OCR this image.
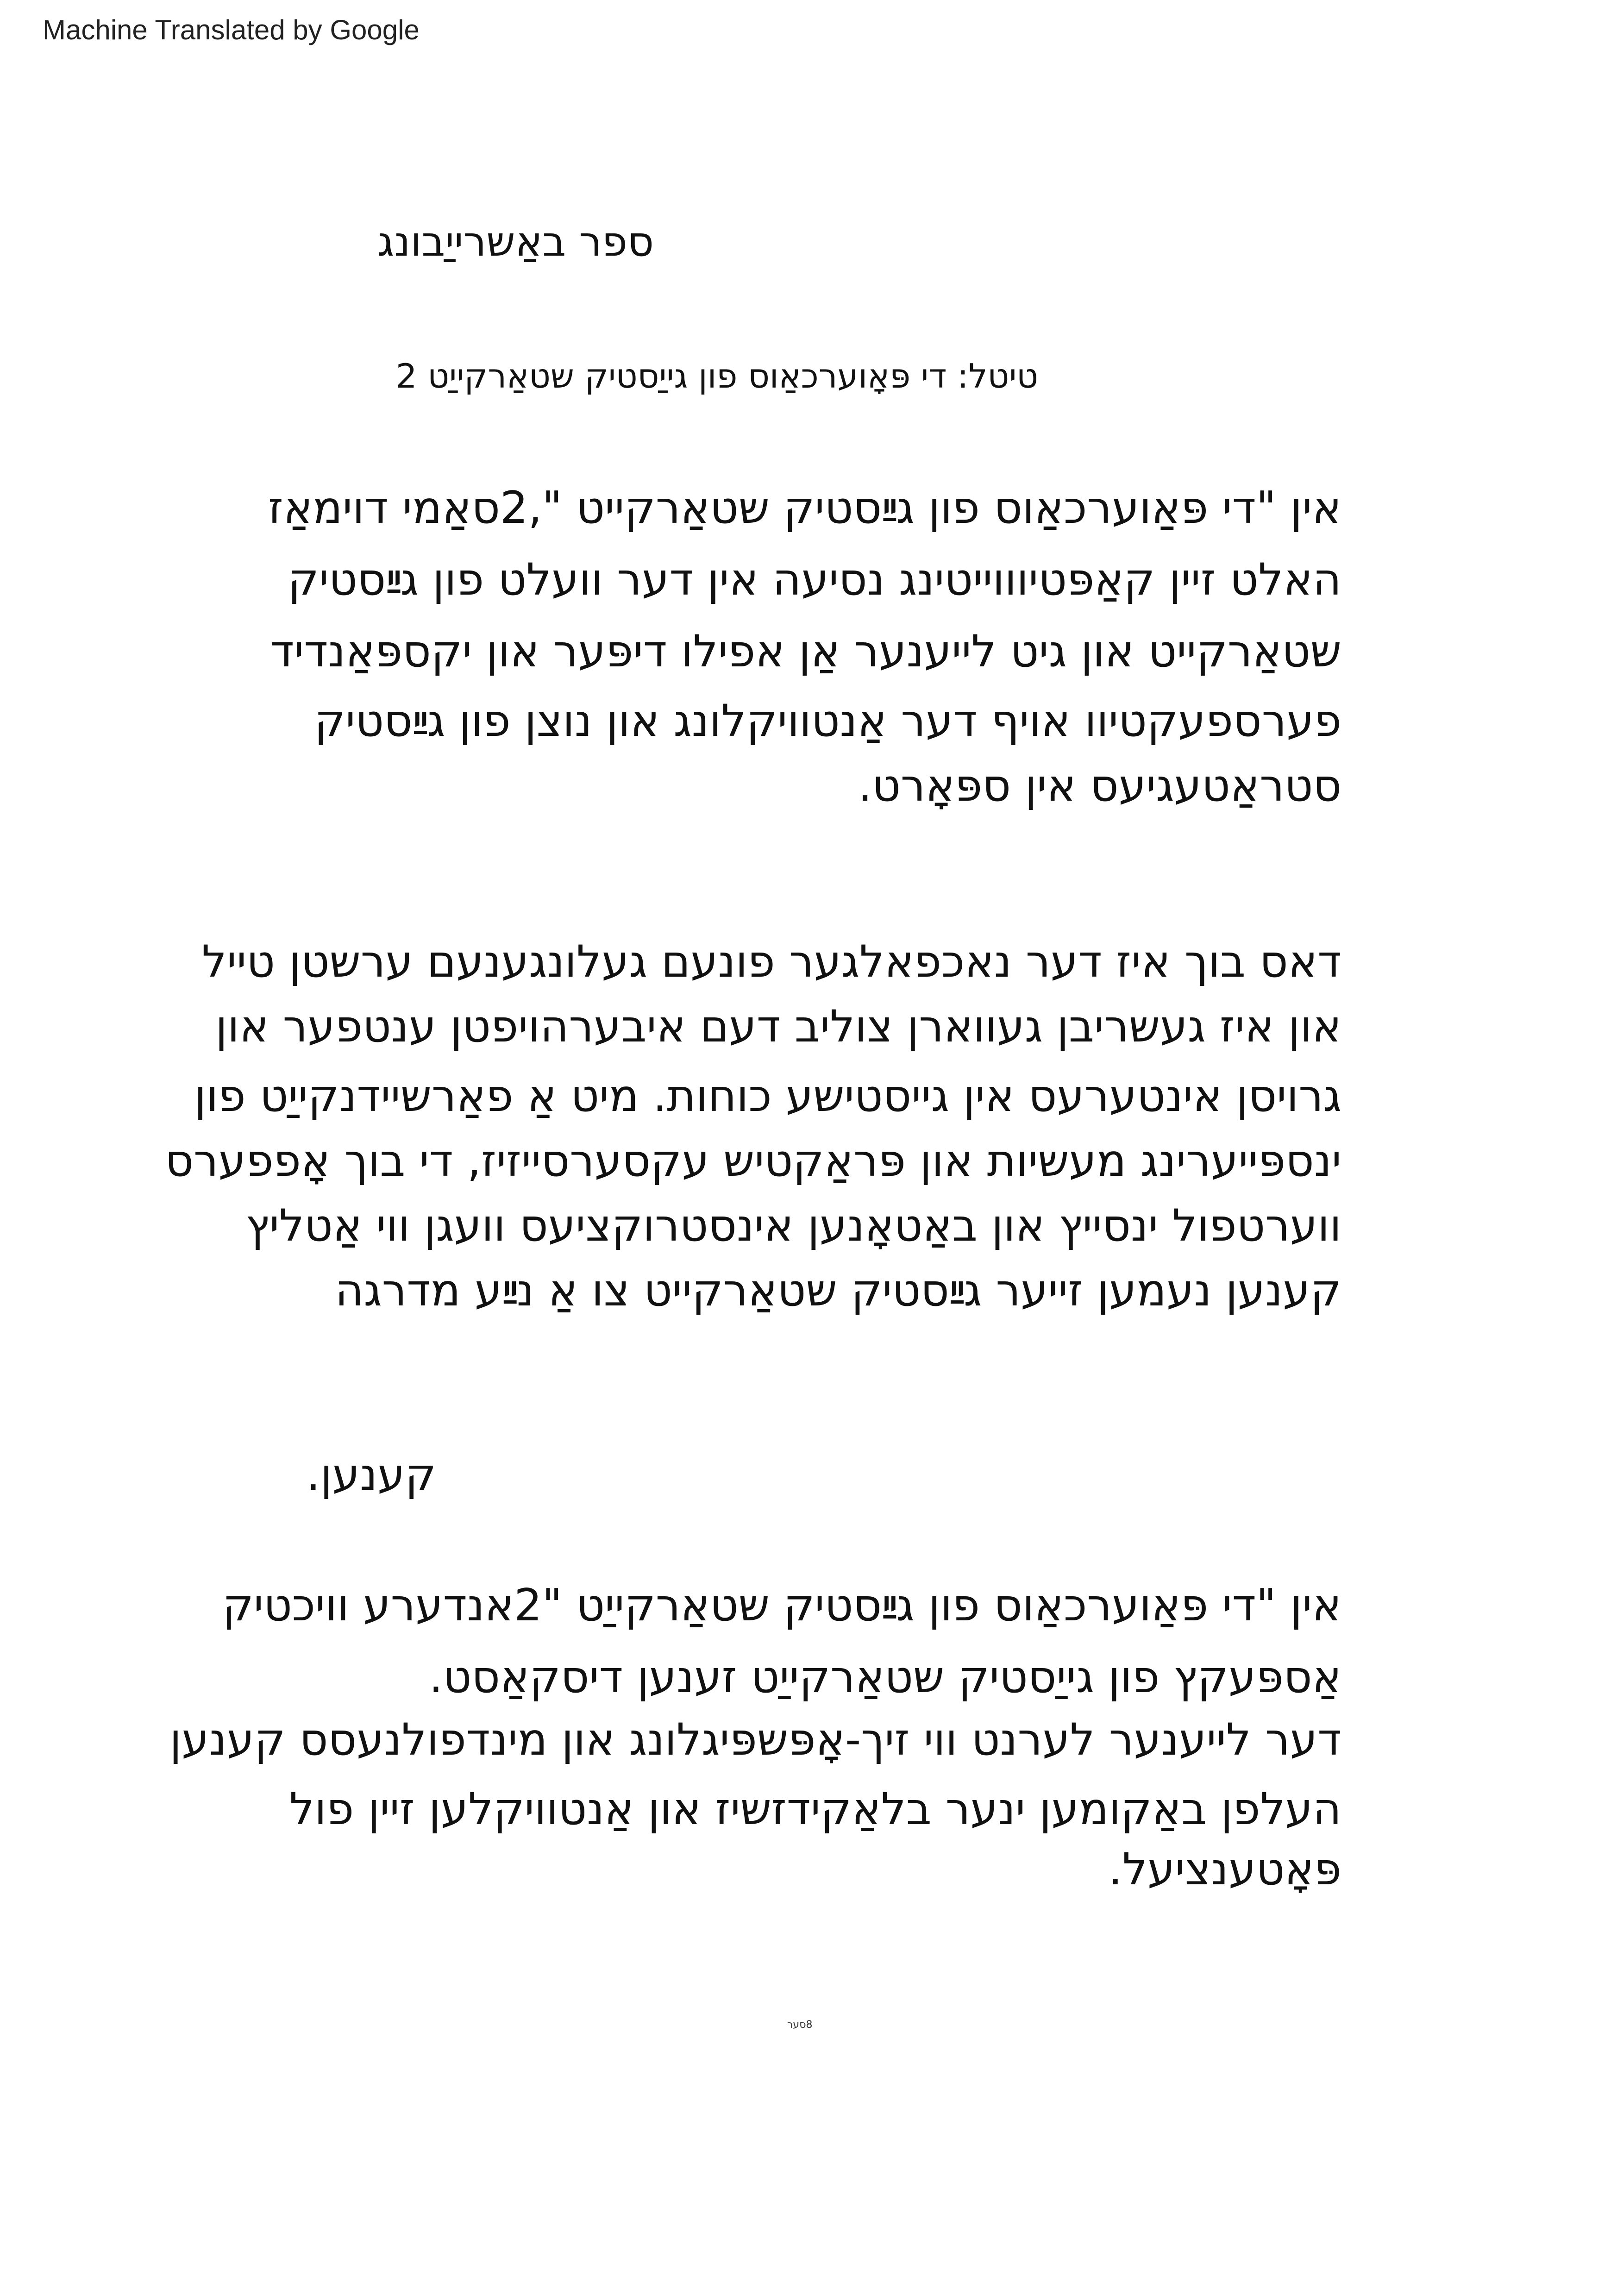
Machine Translated by Google
ספר באַשרייַבונג
טיטל: די פּאָוערכאַוס פון גייַסטיק שטאַרקייַט 2
אין "די פּאַוערכאַוס פון גײַסטיק שטאַרקייט ",2סאַמי דוימאַז
האלט זיין קאַפּטיוווייטינג נסיעה אין דער וועלט פון גײַסטיק
שטאַרקייט און גיט לייענער אַן אפילו דיפּער און יקספּאַנדיד
פערספעקטיוו אויף דער אַנטוויקלונג און נוצן פון גײַסטיק
סטראַטעגיעס אין ספּאָרט.
דאס בוך איז דער נאכפאלגער פונעם געלונגענעם ערשטן טייל
און איז געשריבן געווארן צוליב דעם איבערהויפטן ענטפער און
גרויסן אינטערעס אין גייסטישע כוחות. מיט אַ פאַרשיידנקייַט פון
ינספּייערינג מעשיות און פּראַקטיש עקסערסייזיז, די בוך אָפפערס
ווערטפול ינסייץ און באַטאָנען אינסטרוקציעס וועגן ווי אַטליץ
קענען נעמען זייער גײַסטיק שטאַרקייט צו אַ נײַע מדרגה
קענען.
אין "די פּאַוערכאַוס פון גײַסטיק שטאַרקייַט "2אנדערע וויכטיק
אַספּעקץ פון גייַסטיק שטאַרקייַט זענען דיסקאַסט.
דער לייענער לערנט ווי זיך-אָפּשפּיגלונג און מינדפולנעסס קענען
העלפן באַקומען ינער בלאַקידזשיז און אַנטוויקלען זיין פול
פּאָטענציעל.
8סער
